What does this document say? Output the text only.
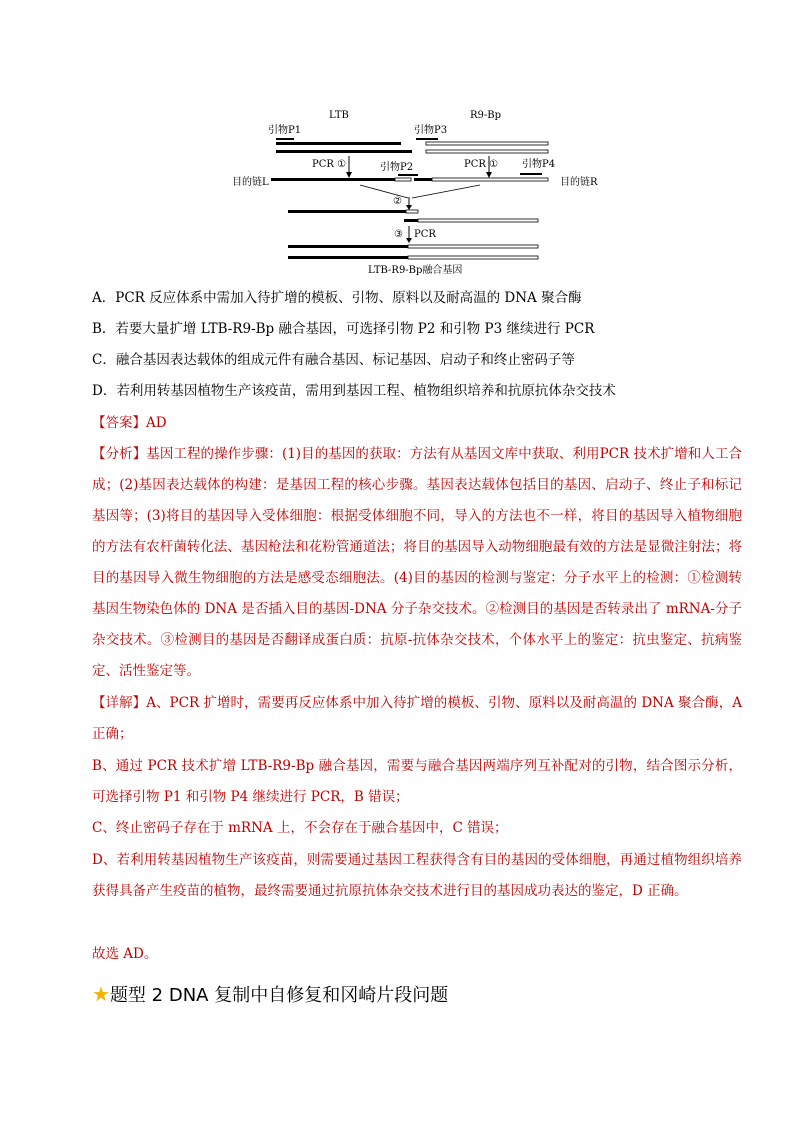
LTB	R9-Bp
引物P1	引物P3
PCR ①	引物P2	PCR ① 引物P4
目的链L	目的链R
②
③ PCR
LTB-R9-Bp融合基因
A．PCR 反应体系中需加入待扩增的模板、引物、原料以及耐高温的 DNA 聚合酶
B．若要大量扩增 LTB-R9-Bp 融合基因，可选择引物 P2 和引物 P3 继续进行 PCR
C．融合基因表达载体的组成元件有融合基因、标记基因、启动子和终止密码子等
D．若利用转基因植物生产该疫苗，需用到基因工程、植物组织培养和抗原抗体杂交技术
【答案】AD
【分析】基因工程的操作步骤：(1)目的基因的获取：方法有从基因文库中获取、利用PCR 技术扩增和人工合成；(2)基因表达载体的构建：是基因工程的核心步骤。基因表达载体包括目的基因、启动子、终止子和标记基因等；(3)将目的基因导入受体细胞：根据受体细胞不同，导入的方法也不一样，将目的基因导入植物细胞的方法有农杆菌转化法、基因枪法和花粉管通道法；将目的基因导入动物细胞最有效的方法是显微注射法；将目的基因导入微生物细胞的方法是感受态细胞法。(4)目的基因的检测与鉴定：分子水平上的检测：①检测转基因生物染色体的 DNA 是否插入目的基因-DNA 分子杂交技术。②检测目的基因是否转录出了 mRNA-分子杂交技术。③检测目的基因是否翻译成蛋白质：抗原-抗体杂交技术，个体水平上的鉴定：抗虫鉴定、抗病鉴定、活性鉴定等。
【详解】A、PCR 扩增时，需要再反应体系中加入待扩增的模板、引物、原料以及耐高温的 DNA 聚合酶，A 正确；
B、通过 PCR 技术扩增 LTB-R9-Bp 融合基因，需要与融合基因两端序列互补配对的引物，结合图示分析，可选择引物 P1 和引物 P4 继续进行 PCR，B 错误；
C、终止密码子存在于 mRNA 上，不会存在于融合基因中，C 错误；
D、若利用转基因植物生产该疫苗，则需要通过基因工程获得含有目的基因的受体细胞，再通过植物组织培养获得具备产生疫苗的植物，最终需要通过抗原抗体杂交技术进行目的基因成功表达的鉴定，D 正确。
故选 AD。
★题型 2 DNA 复制中自修复和冈崎片段问题
